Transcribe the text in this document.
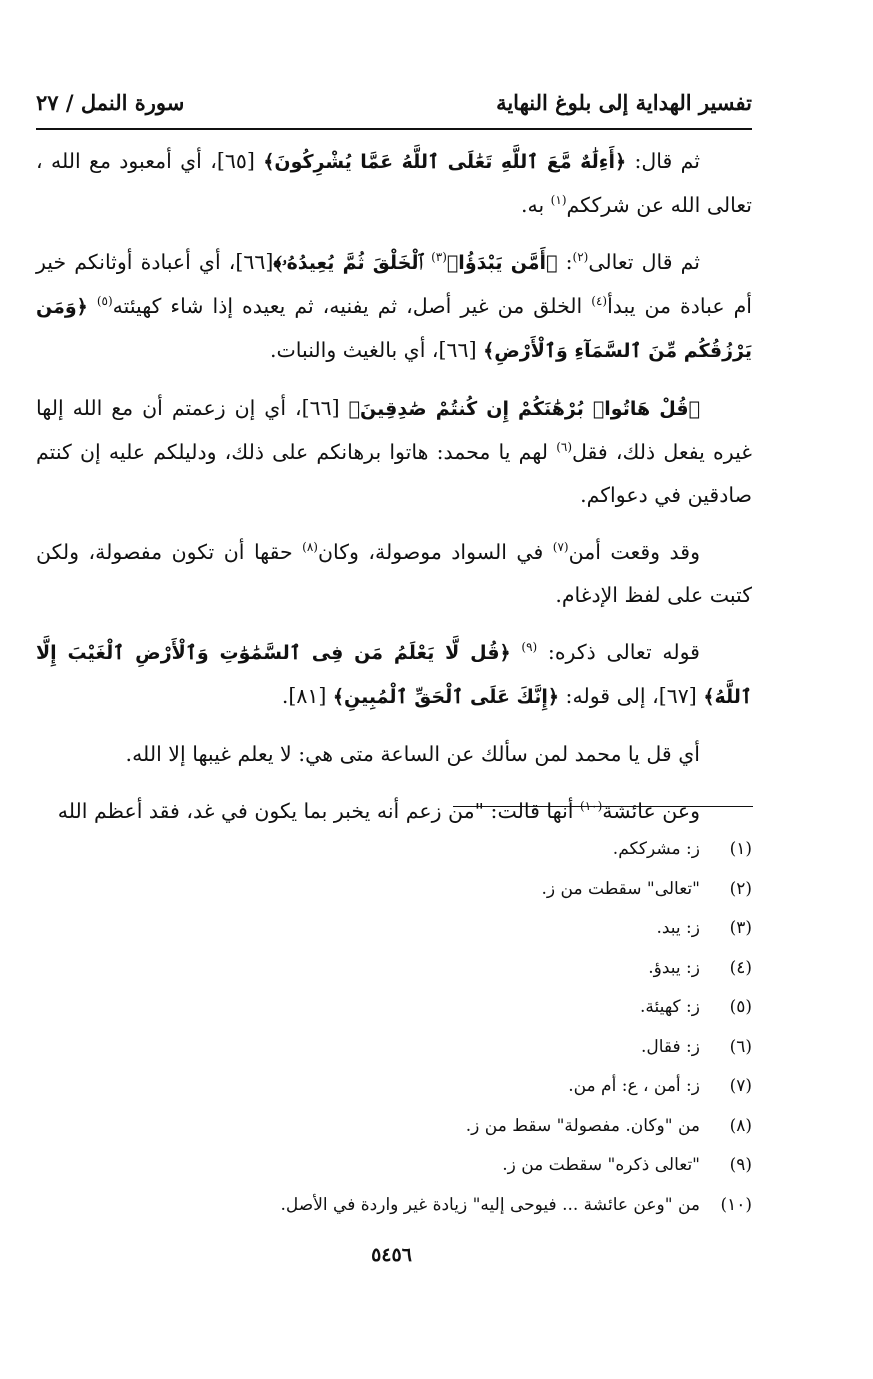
تفسير الهداية إلى بلوغ النهاية
سورة النمل / ٢٧

ثم قال: ﴿أَءِلَٰهٌ مَّعَ ٱللَّهِ تَعَٰلَى ٱللَّهُ عَمَّا يُشْرِكُونَ﴾ [٦٥]، أي أمعبود مع الله ، تعالى الله عن شرككم$^{(١)}$ به.

ثم قال تعالى$^{(٢)}$: ﴿أَمَّن يَبْدَؤُا۟$^{(٣)}$ ٱلْخَلْقَ ثُمَّ يُعِيدُهُۥ﴾[٦٦]، أي أعبادة أوثانكم خير أم عبادة من يبدأ$^{(٤)}$ الخلق من غير أصل، ثم يفنيه، ثم يعيده إذا شاء كهيئته$^{(٥)}$ ﴿وَمَن يَرْزُقُكُم مِّنَ ٱلسَّمَآءِ وَٱلْأَرْضِ﴾ [٦٦]، أي بالغيث والنبات.

﴿قُلْ هَاتُوا۟ بُرْهَٰنَكُمْ إِن كُنتُمْ صَٰدِقِينَ﴾ [٦٦]، أي إن زعمتم أن مع الله إلها غيره يفعل ذلك، فقل$^{(٦)}$ لهم يا محمد: هاتوا برهانكم على ذلك، ودليلكم عليه إن كنتم صادقين في دعواكم.

وقد وقعت أمن$^{(٧)}$ في السواد موصولة، وكان$^{(٨)}$ حقها أن تكون مفصولة، ولكن كتبت على لفظ الإدغام.

قوله تعالى ذكره: $^{(٩)}$ ﴿قُل لَّا يَعْلَمُ مَن فِى ٱلسَّمَٰوَٰتِ وَٱلْأَرْضِ ٱلْغَيْبَ إِلَّا ٱللَّهُ﴾ [٦٧]، إلى قوله: ﴿إِنَّكَ عَلَى ٱلْحَقِّ ٱلْمُبِينِ﴾ [٨١].

أي قل يا محمد لمن سألك عن الساعة متى هي: لا يعلم غيبها إلا الله.

وعن عائشة$^{(١٠)}$ أنها قالت: "من زعم أنه يخبر بما يكون في غد، فقد أعظم الله

(١)
ز: مشرككم.
(٢)
"تعالى" سقطت من ز.
(٣)
ز: يبد.
(٤)
ز: يبدؤ.
(٥)
ز: كهيئة.
(٦)
ز: فقال.
(٧)
ز: أمن ، ع: أم من.
(٨)
من "وكان. مفصولة" سقط من ز.
(٩)
"تعالى ذكره" سقطت من ز.
(١٠)
من "وعن عائشة ... فيوحى إليه" زيادة غير واردة في الأصل.
٥٤٥٦
